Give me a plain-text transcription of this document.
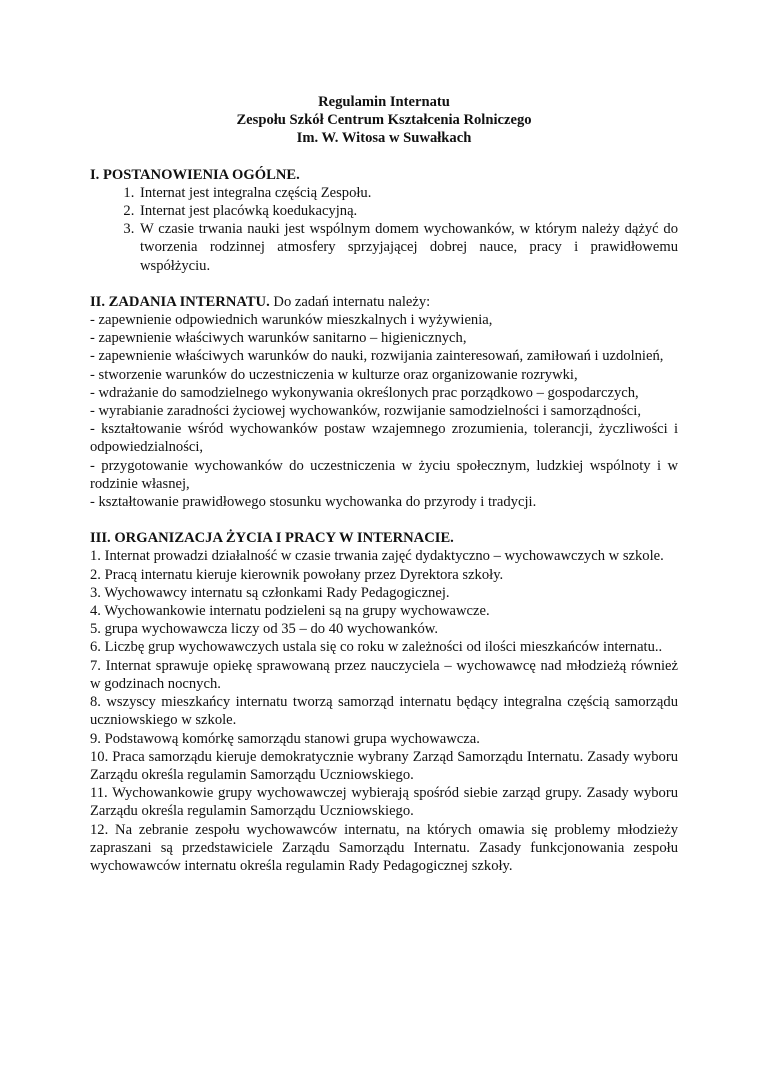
Regulamin Internatu
Zespołu Szkół Centrum Kształcenia Rolniczego
Im. W. Witosa w Suwałkach
I. POSTANOWIENIA OGÓLNE.
1. Internat jest integralna częścią Zespołu.
2. Internat jest placówką koedukacyjną.
3. W czasie trwania nauki jest wspólnym domem wychowanków, w którym należy dążyć do tworzenia rodzinnej atmosfery sprzyjającej dobrej nauce, pracy i prawidłowemu współżyciu.
II. ZADANIA INTERNATU. Do zadań internatu należy:
- zapewnienie odpowiednich warunków mieszkalnych i wyżywienia,
- zapewnienie właściwych warunków sanitarno – higienicznych,
- zapewnienie właściwych warunków do nauki, rozwijania zainteresowań, zamiłowań i uzdolnień,
- stworzenie warunków do uczestniczenia w kulturze oraz organizowanie rozrywki,
- wdrażanie do samodzielnego wykonywania określonych prac porządkowo – gospodarczych,
- wyrabianie zaradności życiowej wychowanków, rozwijanie samodzielności i samorządności,
- kształtowanie wśród wychowanków postaw wzajemnego zrozumienia, tolerancji, życzliwości i odpowiedzialności,
- przygotowanie wychowanków do uczestniczenia w życiu społecznym, ludzkiej wspólnoty i w rodzinie własnej,
- kształtowanie prawidłowego stosunku wychowanka do przyrody i tradycji.
III. ORGANIZACJA ŻYCIA I PRACY W INTERNACIE.
1. Internat prowadzi działalność w czasie trwania zajęć dydaktyczno – wychowawczych w szkole.
2. Pracą internatu kieruje kierownik powołany przez Dyrektora szkoły.
3. Wychowawcy internatu są członkami Rady Pedagogicznej.
4. Wychowankowie internatu podzieleni są na grupy wychowawcze.
5. grupa wychowawcza liczy od 35 – do 40 wychowanków.
6. Liczbę grup wychowawczych ustala się co roku w zależności od ilości mieszkańców internatu..
7. Internat sprawuje opiekę sprawowaną przez nauczyciela – wychowawcę nad młodzieżą również w godzinach nocnych.
8. wszyscy mieszkańcy internatu tworzą samorząd internatu będący integralna częścią samorządu uczniowskiego w szkole.
9. Podstawową komórkę samorządu stanowi grupa wychowawcza.
10. Praca samorządu kieruje demokratycznie wybrany Zarząd Samorządu Internatu. Zasady wyboru Zarządu określa regulamin Samorządu Uczniowskiego.
11. Wychowankowie grupy wychowawczej wybierają spośród siebie zarząd grupy. Zasady wyboru Zarządu określa regulamin Samorządu Uczniowskiego.
12. Na zebranie zespołu wychowawców internatu, na których omawia się problemy młodzieży zapraszani są przedstawiciele Zarządu Samorządu Internatu. Zasady funkcjonowania zespołu wychowawców internatu określa regulamin Rady Pedagogicznej szkoły.
